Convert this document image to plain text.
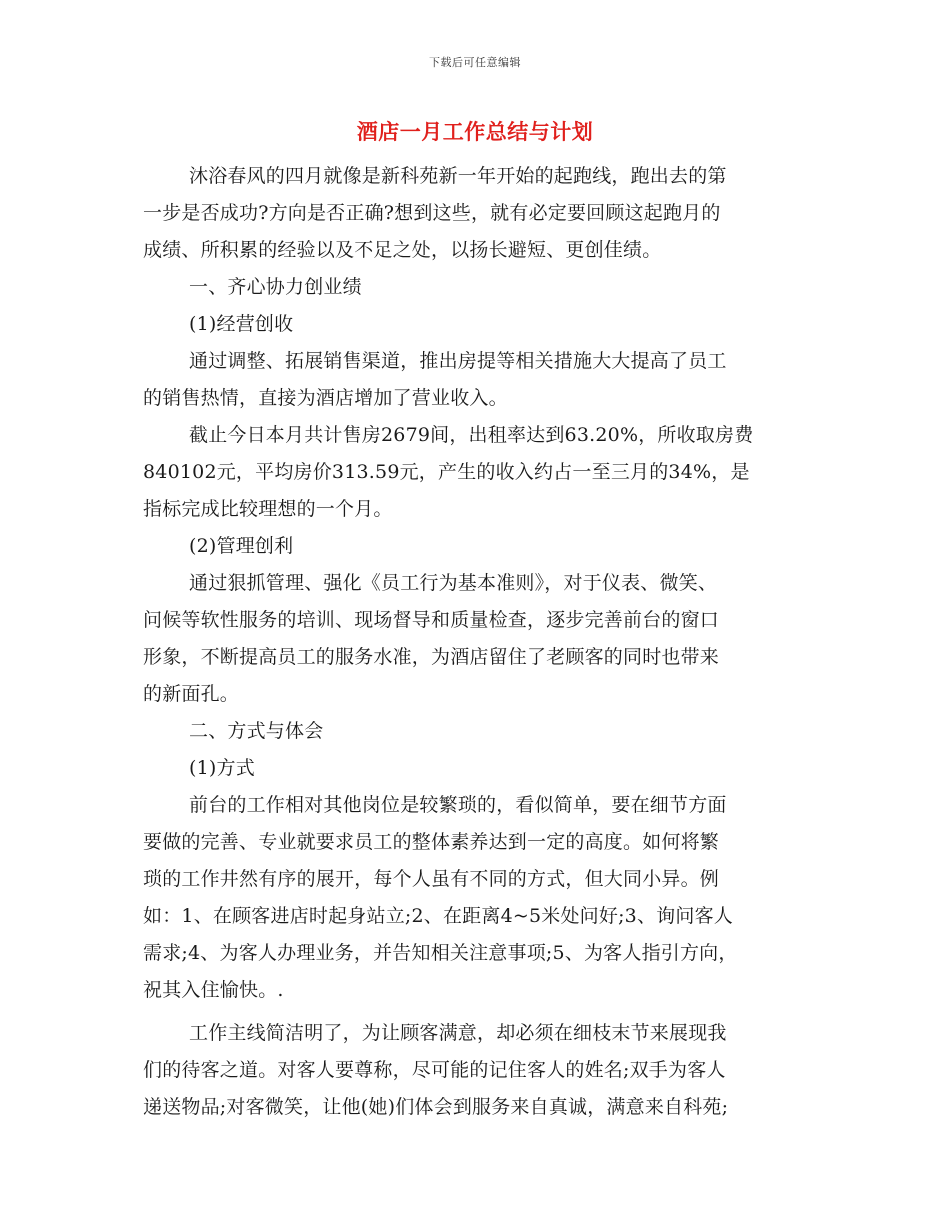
下载后可任意编辑
酒店一月工作总结与计划

沐浴春风的四月就像是新科苑新一年开始的起跑线，跑出去的第

一步是否成功?方向是否正确?想到这些，就有必定要回顾这起跑月的

成绩、所积累的经验以及不足之处，以扬长避短、更创佳绩。

一、齐心协力创业绩

(1)经营创收

通过调整、拓展销售渠道，推出房提等相关措施大大提高了员工

的销售热情，直接为酒店增加了营业收入。

截止今日本月共计售房2679间，出租率达到63.20%，所收取房费

840102元，平均房价313.59元，产生的收入约占一至三月的34%，是

指标完成比较理想的一个月。

(2)管理创利

通过狠抓管理、强化《员工行为基本准则》，对于仪表、微笑、

问候等软性服务的培训、现场督导和质量检查，逐步完善前台的窗口

形象，不断提高员工的服务水准，为酒店留住了老顾客的同时也带来

的新面孔。

二、方式与体会

(1)方式

前台的工作相对其他岗位是较繁琐的，看似简单，要在细节方面

要做的完善、专业就要求员工的整体素养达到一定的高度。如何将繁

琐的工作井然有序的展开，每个人虽有不同的方式，但大同小异。例

如：1、在顾客进店时起身站立;2、在距离4~5米处问好;3、询问客人

需求;4、为客人办理业务，并告知相关注意事项;5、为客人指引方向，

祝其入住愉快。.

工作主线简洁明了，为让顾客满意，却必须在细枝末节来展现我

们的待客之道。对客人要尊称，尽可能的记住客人的姓名;双手为客人

递送物品;对客微笑，让他(她)们体会到服务来自真诚，满意来自科苑;
